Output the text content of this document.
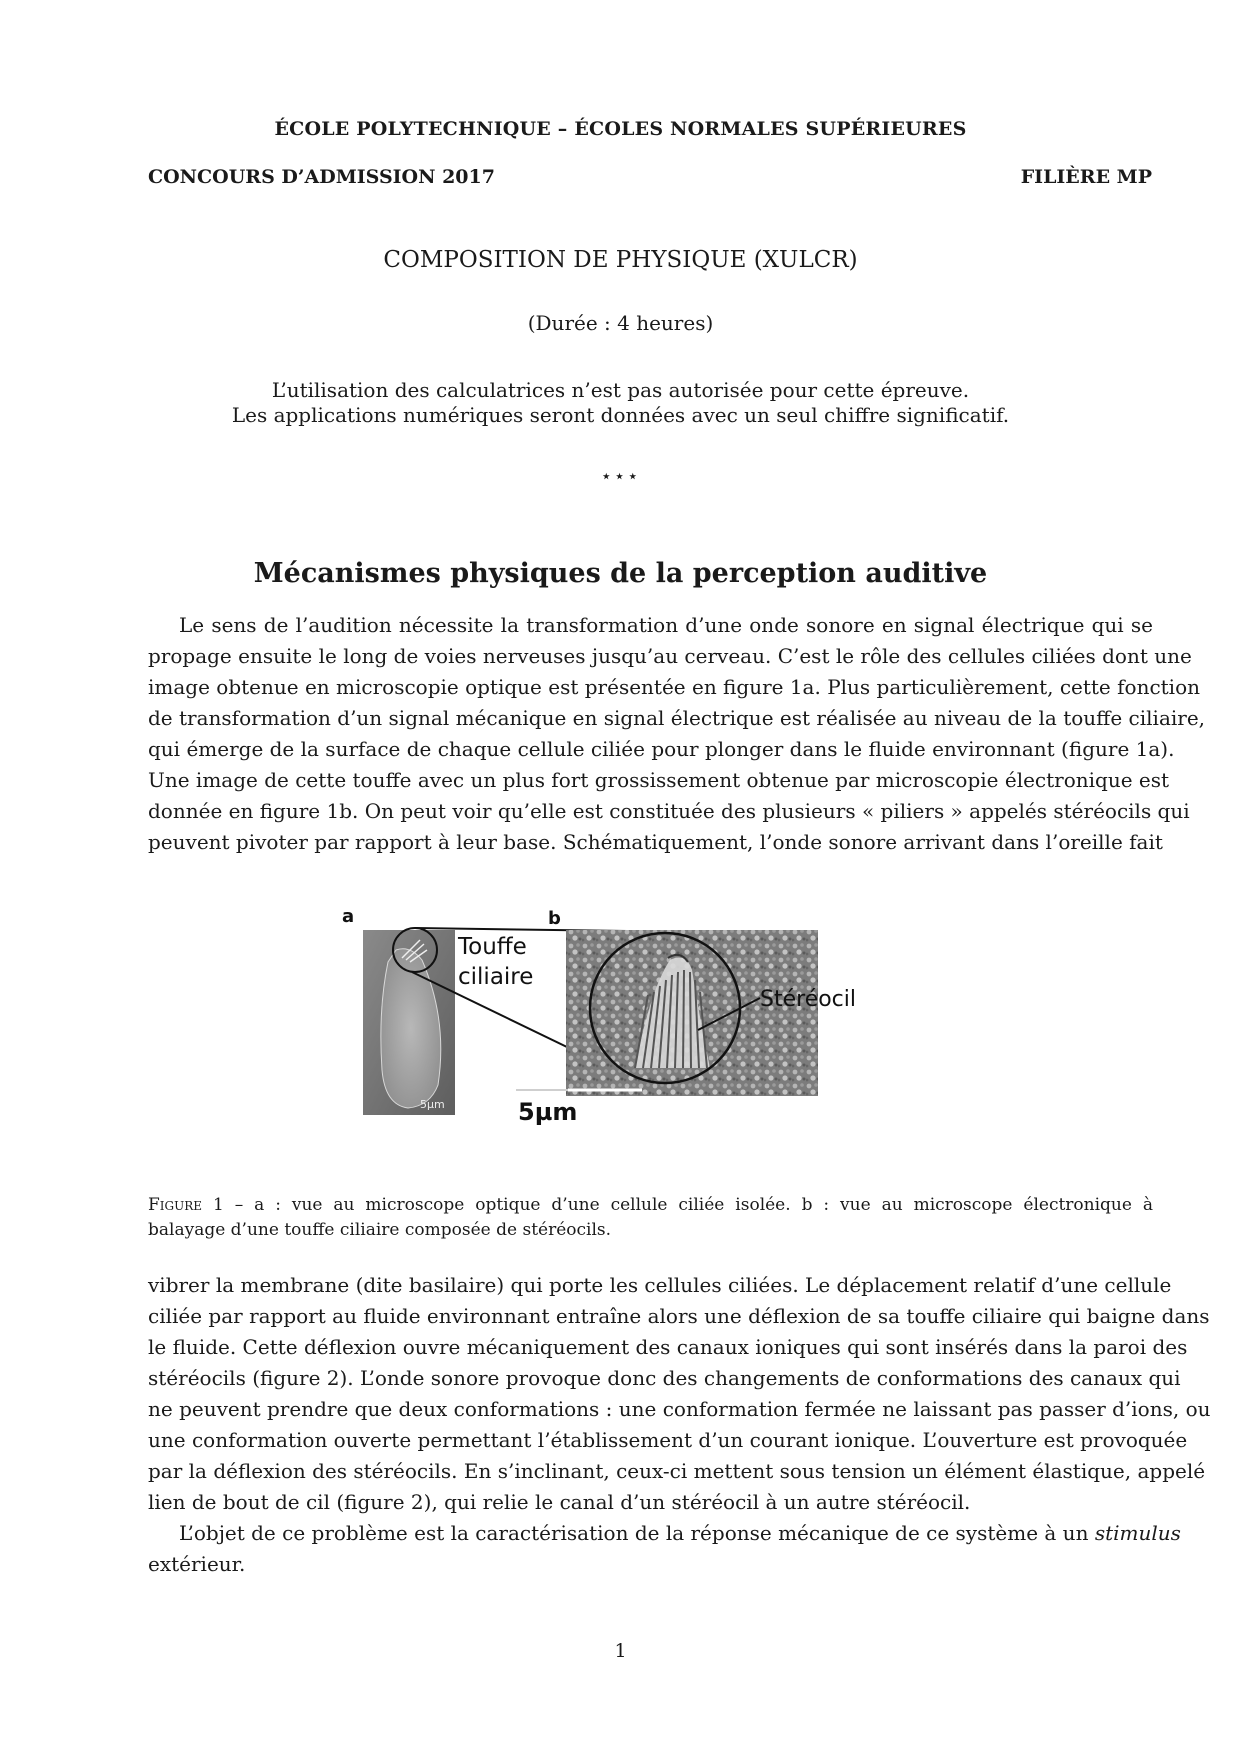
ÉCOLE POLYTECHNIQUE – ÉCOLES NORMALES SUPÉRIEURES
CONCOURS D’ADMISSION 2017	FILIÈRE MP
COMPOSITION DE PHYSIQUE (XULCR)
(Durée : 4 heures)
L’utilisation des calculatrices n’est pas autorisée pour cette épreuve.
Les applications numériques seront données avec un seul chiffre significatif.
⋆⋆⋆
Mécanismes physiques de la perception auditive
Le sens de l’audition nécessite la transformation d’une onde sonore en signal électrique qui se
propage ensuite le long de voies nerveuses jusqu’au cerveau. C’est le rôle des cellules ciliées dont une
image obtenue en microscopie optique est présentée en figure 1a. Plus particulièrement, cette fonction
de transformation d’un signal mécanique en signal électrique est réalisée au niveau de la touffe ciliaire,
qui émerge de la surface de chaque cellule ciliée pour plonger dans le fluide environnant (figure 1a).
Une image de cette touffe avec un plus fort grossissement obtenue par microscopie électronique est
donnée en figure 1b. On peut voir qu’elle est constituée des plusieurs « piliers » appelés stéréocils qui
peuvent pivoter par rapport à leur base. Schématiquement, l’onde sonore arrivant dans l’oreille fait
a
5µm
Touffe
ciliaire
b
Stéréocil
5µm
Figure 1 – a : vue au microscope optique d’une cellule ciliée isolée. b : vue au microscope électronique à
balayage d’une touffe ciliaire composée de stéréocils.
vibrer la membrane (dite basilaire) qui porte les cellules ciliées. Le déplacement relatif d’une cellule
ciliée par rapport au fluide environnant entraîne alors une déflexion de sa touffe ciliaire qui baigne dans
le fluide. Cette déflexion ouvre mécaniquement des canaux ioniques qui sont insérés dans la paroi des
stéréocils (figure 2). L’onde sonore provoque donc des changements de conformations des canaux qui
ne peuvent prendre que deux conformations : une conformation fermée ne laissant pas passer d’ions, ou
une conformation ouverte permettant l’établissement d’un courant ionique. L’ouverture est provoquée
par la déflexion des stéréocils. En s’inclinant, ceux-ci mettent sous tension un élément élastique, appelé
lien de bout de cil (figure 2), qui relie le canal d’un stéréocil à un autre stéréocil.
L’objet de ce problème est la caractérisation de la réponse mécanique de ce système à un stimulus
extérieur.
1
